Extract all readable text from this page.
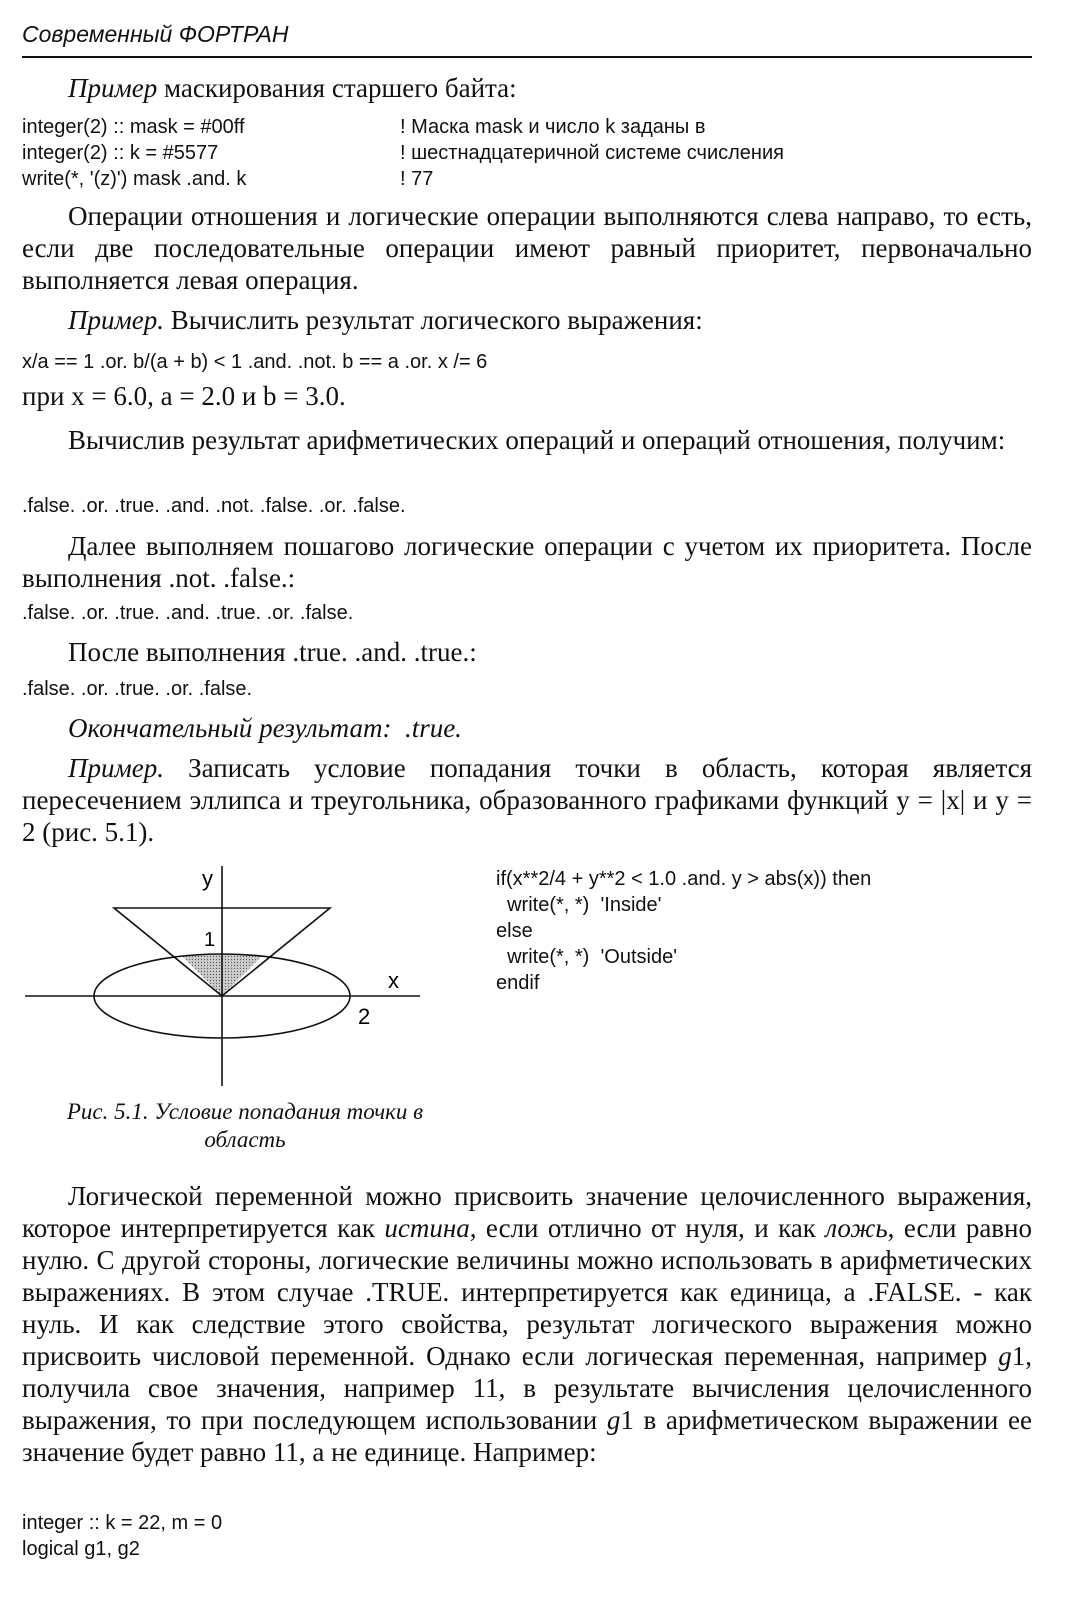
Современный ФОРТРАН
Пример маскирования старшего байта:
integer(2) :: mask = #00ff
integer(2) :: k = #5577
write(*, '(z)') mask .and. k
! Маска mask и число k заданы в
! шестнадцатеричной системе счисления
! 77
Операции отношения и логические операции выполняются слева направо, то есть, если две последовательные операции имеют равный приоритет, первоначально выполняется левая операция.
Пример. Вычислить результат логического выражения:
x/a == 1 .or. b/(a + b) < 1 .and. .not. b == a .or. x /= 6
при x = 6.0, a = 2.0 и b = 3.0.
Вычислив результат арифметических операций и операций отношения, получим:
.false. .or. .true. .and. .not. .false. .or. .false.
Далее выполняем пошагово логические операции с учетом их приоритета. После выполнения .not. .false.:
.false. .or. .true. .and. .true. .or. .false.
После выполнения .true. .and. .true.:
.false. .or. .true. .or. .false.
Окончательный результат: .true.
Пример. Записать условие попадания точки в область, которая является пересечением эллипса и треугольника, образованного графиками функций y = |x| и y = 2 (рис. 5.1).
y
x
1
2
Рис. 5.1. Условие попадания точки в область
if(x**2/4 + y**2 < 1.0 .and. y > abs(x)) then
write(*, *)  'Inside'
else
write(*, *)  'Outside'
endif
Логической переменной можно присвоить значение целочисленного выражения, которое интерпретируется как истина, если отлично от нуля, и как ложь, если равно нулю. С другой стороны, логические величины можно использовать в арифметических выражениях. В этом случае .TRUE. интерпретируется как единица, а .FALSE. - как нуль. И как следствие этого свойства, результат логического выражения можно присвоить числовой переменной. Однако если логическая переменная, например g1, получила свое значения, например 11, в результате вычисления целочисленного выражения, то при последующем использовании g1 в арифметическом выражении ее значение будет равно 11, а не единице. Например:
integer :: k = 22, m = 0
logical g1, g2
